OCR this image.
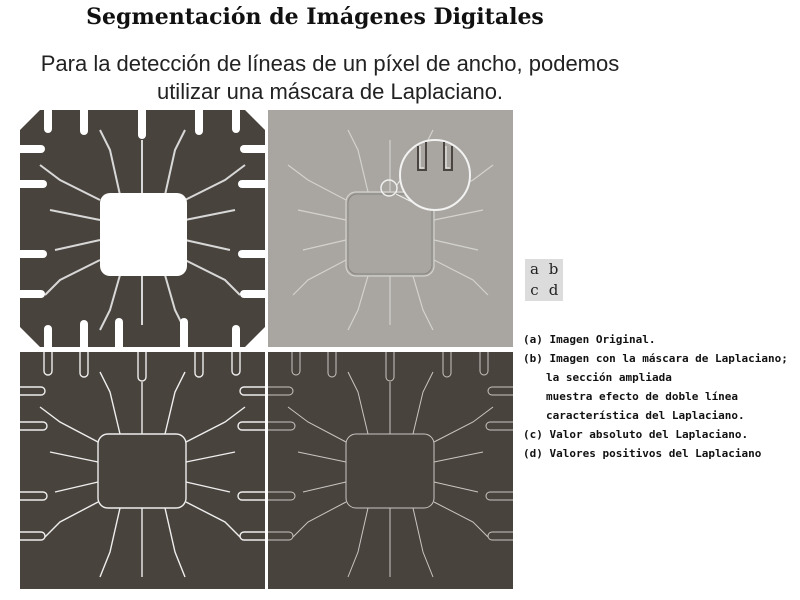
Segmentación de Imágenes Digitales
Para la detección de líneas de un píxel de ancho, podemos
utilizar una máscara de Laplaciano.
a b
c d
(a) Imagen Original.
(b) Imagen con la máscara de Laplaciano;
la sección ampliada
muestra efecto de doble línea
característica del Laplaciano.
(c) Valor absoluto del Laplaciano.
(d) Valores positivos del Laplaciano
